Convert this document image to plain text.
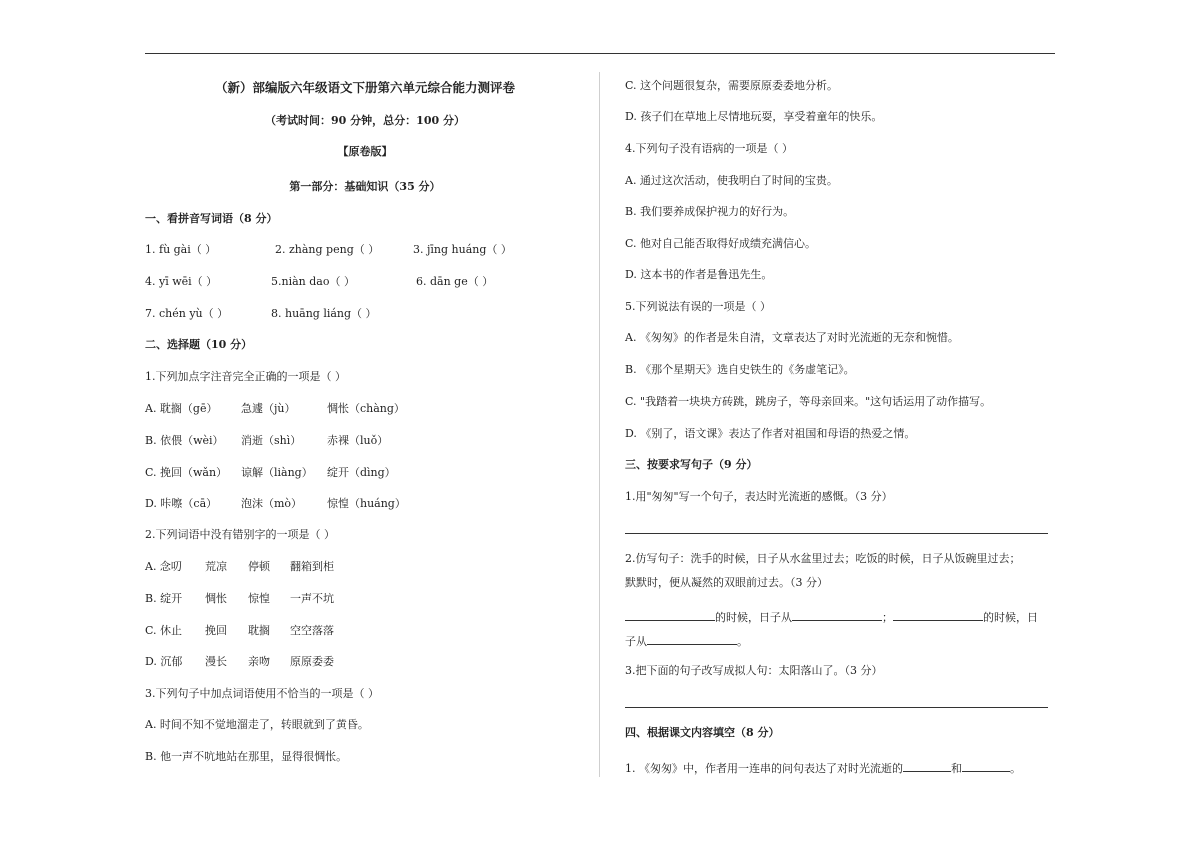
（新）部编版六年级语文下册第六单元综合能力测评卷
（考试时间：90 分钟，总分：100 分）
【原卷版】
第一部分：基础知识（35 分）
一、看拼音写词语（8 分）
1. fù gài（ ）	2. zhàng peng（ ）	3. jīng huáng（ ）
4. yī wēi（ ）	5.niàn dao（ ）	6. dān ge（ ）
7. chén yù（ ）	8. huāng liáng（ ）
二、选择题（10 分）
1.下列加点字注音完全正确的一项是（ ）
A. 耽搁（gē） 急遽（jù）	惆怅（chàng）
B. 依偎（wèi） 消逝（shì） 赤裸（luǒ）
C. 挽回（wǎn） 谅解（liàng） 绽开（dìng）
D. 咔嚓（cā） 泡沫（mò） 惊惶（huáng）
2.下列词语中没有错别字的一项是（ ）
A. 念叨 荒凉 停顿 翻箱到柜
B. 绽开 惆怅 惊惶 一声不坑
C. 休止 挽回 耽搁 空空落落
D. 沉郁 漫长 亲吻 原原委委
3.下列句子中加点词语使用不恰当的一项是（ ）
A. 时间不知不觉地溜走了，转眼就到了黄昏。
B. 他一声不吭地站在那里，显得很惆怅。
C. 这个问题很复杂，需要原原委委地分析。
D. 孩子们在草地上尽情地玩耍，享受着童年的快乐。
4.下列句子没有语病的一项是（ ）
A. 通过这次活动，使我明白了时间的宝贵。
B. 我们要养成保护视力的好行为。
C. 他对自己能否取得好成绩充满信心。
D. 这本书的作者是鲁迅先生。
5.下列说法有误的一项是（ ）
A. 《匆匆》的作者是朱自清，文章表达了对时光流逝的无奈和惋惜。
B. 《那个星期天》选自史铁生的《务虚笔记》。
C. "我踏着一块块方砖跳，跳房子，等母亲回来。"这句话运用了动作描写。
D. 《别了，语文课》表达了作者对祖国和母语的热爱之情。
三、按要求写句子（9 分）
1.用"匆匆"写一个句子，表达时光流逝的感慨。（3 分）
2.仿写句子：洗手的时候，日子从水盆里过去；吃饭的时候，日子从饭碗里过去；
默默时，便从凝然的双眼前过去。（3 分）
的时候，日子从	；	的时候，日
子从	。
3.把下面的句子改写成拟人句：太阳落山了。（3 分）
四、根据课文内容填空（8 分）
1. 《匆匆》中，作者用一连串的问句表达了对时光流逝的	和	。
